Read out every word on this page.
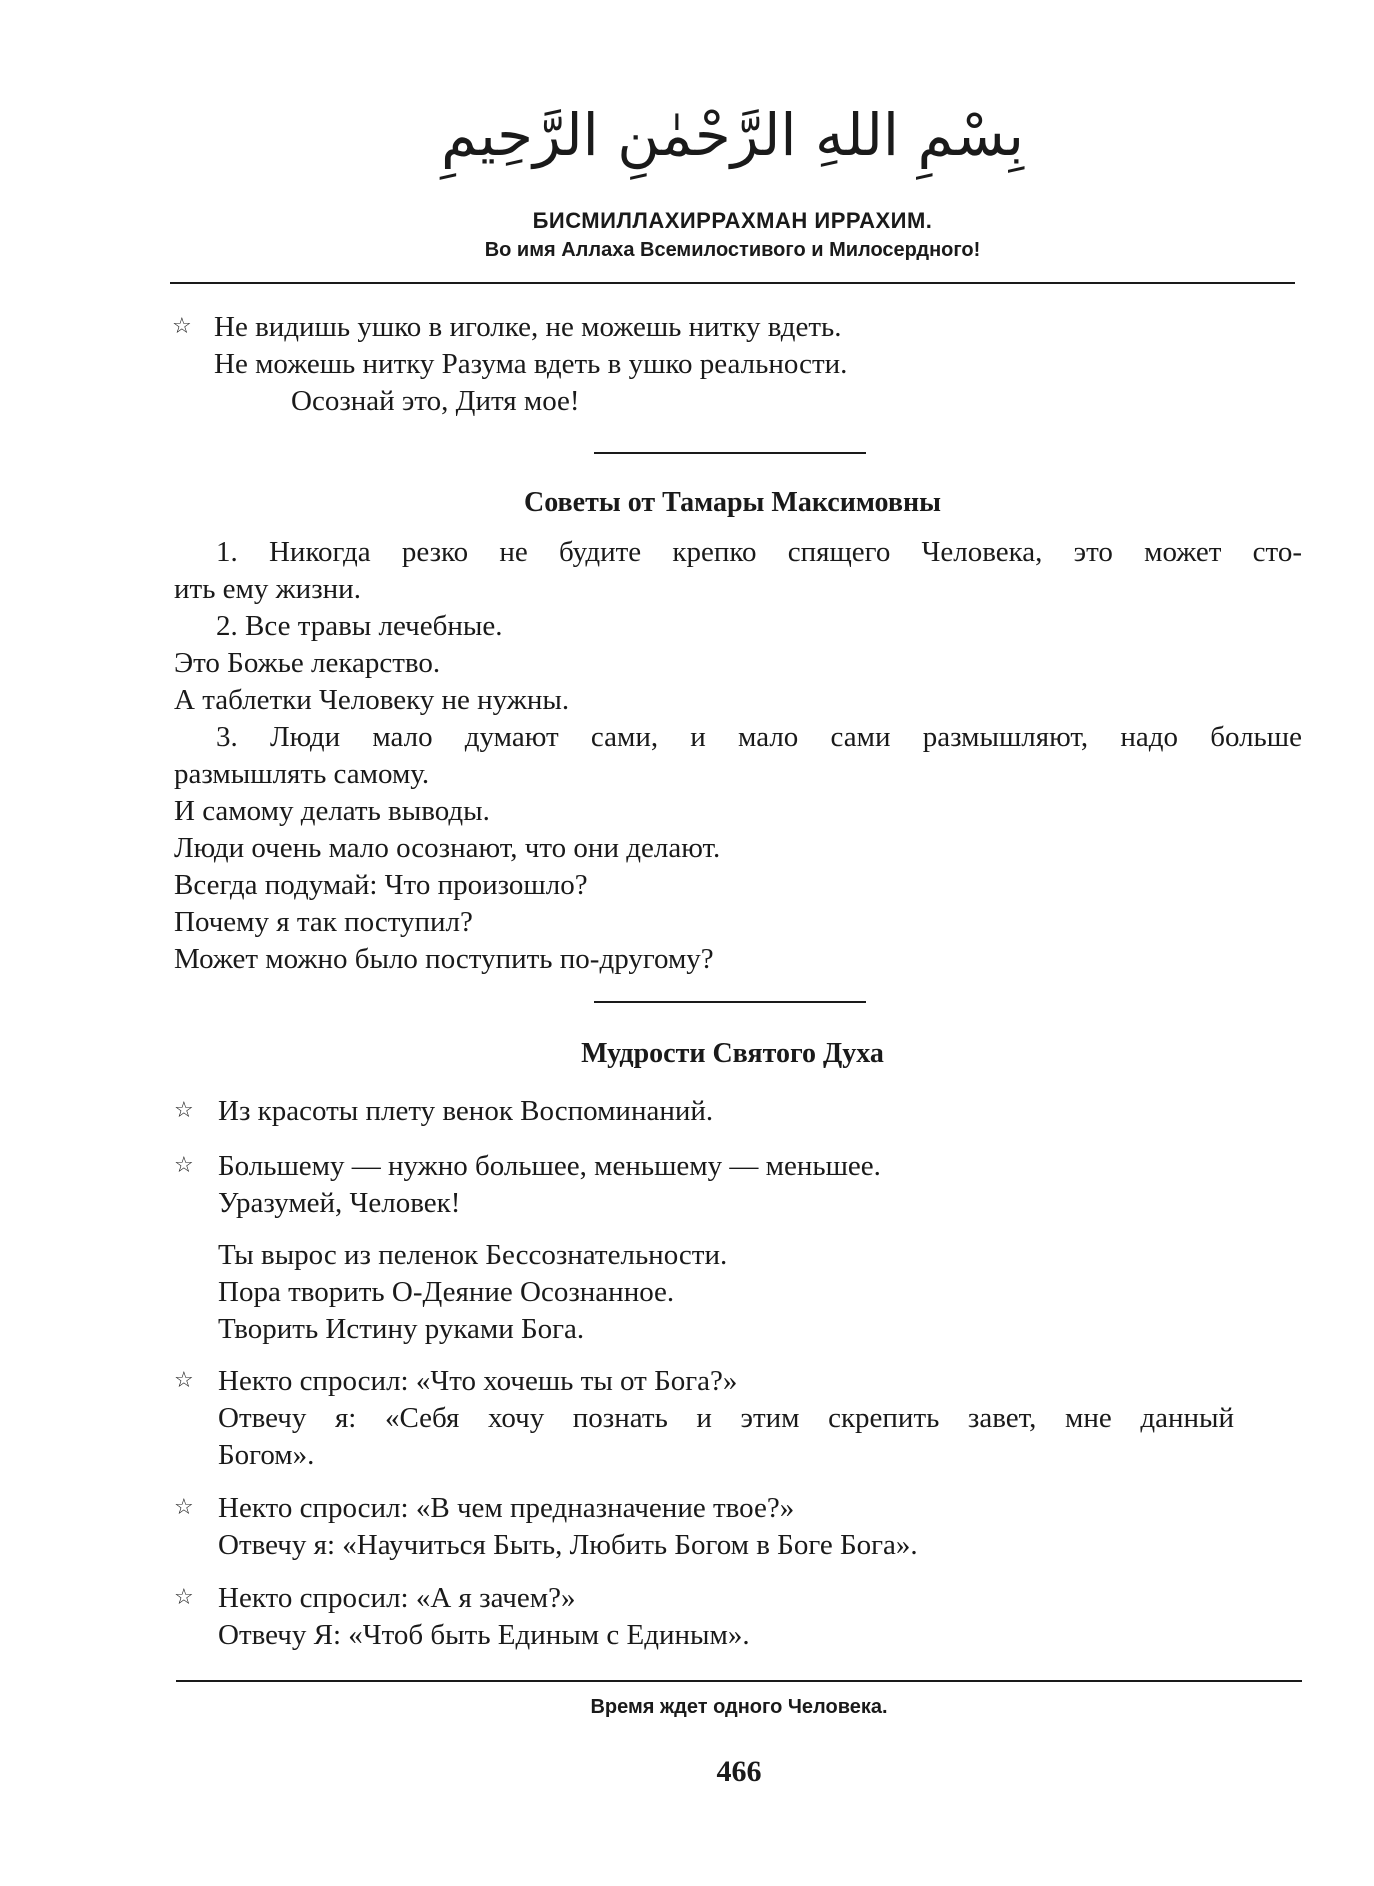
بِسْمِ اللهِ الرَّحْمٰنِ الرَّحِيمِ
БИСМИЛЛАХИРРАХМАН ИРРАХИМ.
Во имя Аллаха Всемилостивого и Милосердного!
☆ Не видишь ушко в иголке, не можешь нитку вдеть.
Не можешь нитку Разума вдеть в ушко реальности.
Осознай это, Дитя мое!
Советы от Тамары Максимовны
1. Никогда резко не будите крепко спящего Человека, это может сто-
ить ему жизни.
2. Все травы лечебные.
Это Божье лекарство.
А таблетки Человеку не нужны.
3. Люди мало думают сами, и мало сами размышляют, надо больше
размышлять самому.
И самому делать выводы.
Люди очень мало осознают, что они делают.
Всегда подумай: Что произошло?
Почему я так поступил?
Может можно было поступить по-другому?
Мудрости Святого Духа
☆ Из красоты плету венок Воспоминаний.
☆ Большему — нужно большее, меньшему — меньшее.
Уразумей, Человек!
Ты вырос из пеленок Бессознательности.
Пора творить О-Деяние Осознанное.
Творить Истину руками Бога.
☆ Некто спросил: «Что хочешь ты от Бога?»
Отвечу я: «Себя хочу познать и этим скрепить завет, мне данный
Богом».
☆ Некто спросил: «В чем предназначение твое?»
Отвечу я: «Научиться Быть, Любить Богом в Боге Бога».
☆ Некто спросил: «А я зачем?»
Отвечу Я: «Чтоб быть Единым с Единым».
Время ждет одного Человека.
466
